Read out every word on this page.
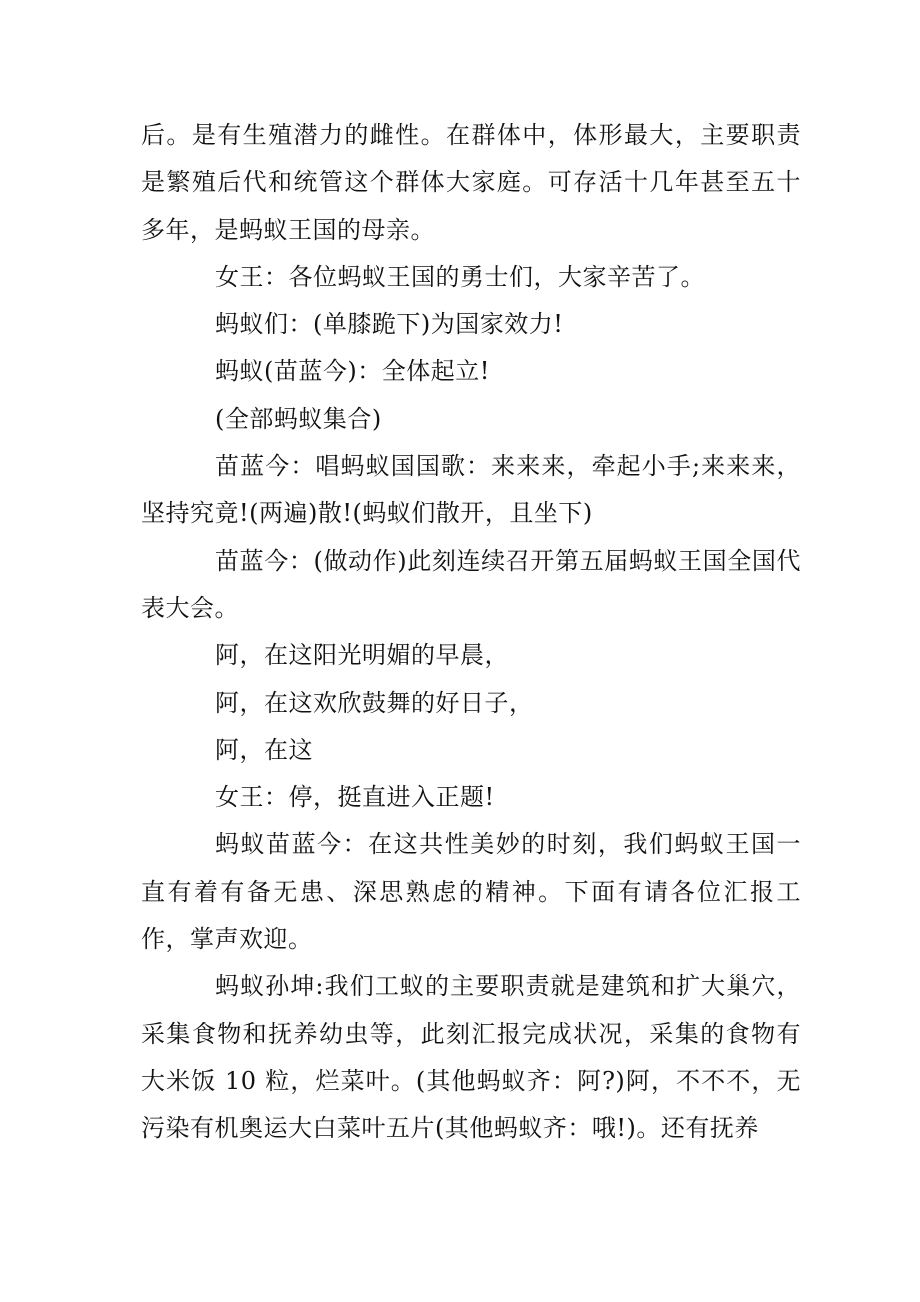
后。是有生殖潜力的雌性。在群体中，体形最大，主要职责是繁殖后代和统管这个群体大家庭。可存活十几年甚至五十多年，是蚂蚁王国的母亲。

女王：各位蚂蚁王国的勇士们，大家辛苦了。

蚂蚁们：(单膝跪下)为国家效力!

蚂蚁(苗蓝今)：全体起立!

(全部蚂蚁集合)

苗蓝今：唱蚂蚁国国歌：来来来，牵起小手;来来来，坚持究竟!(两遍)散!(蚂蚁们散开，且坐下)

苗蓝今：(做动作)此刻连续召开第五届蚂蚁王国全国代表大会。

阿，在这阳光明媚的早晨，

阿，在这欢欣鼓舞的好日子，

阿，在这

女王：停，挺直进入正题!

蚂蚁苗蓝今：在这共性美妙的时刻，我们蚂蚁王国一直有着有备无患、深思熟虑的精神。下面有请各位汇报工作，掌声欢迎。

蚂蚁孙坤:我们工蚁的主要职责就是建筑和扩大巢穴，采集食物和抚养幼虫等，此刻汇报完成状况，采集的食物有大米饭 10 粒，烂菜叶。(其他蚂蚁齐：阿?)阿，不不不，无污染有机奥运大白菜叶五片(其他蚂蚁齐：哦!)。还有抚养
